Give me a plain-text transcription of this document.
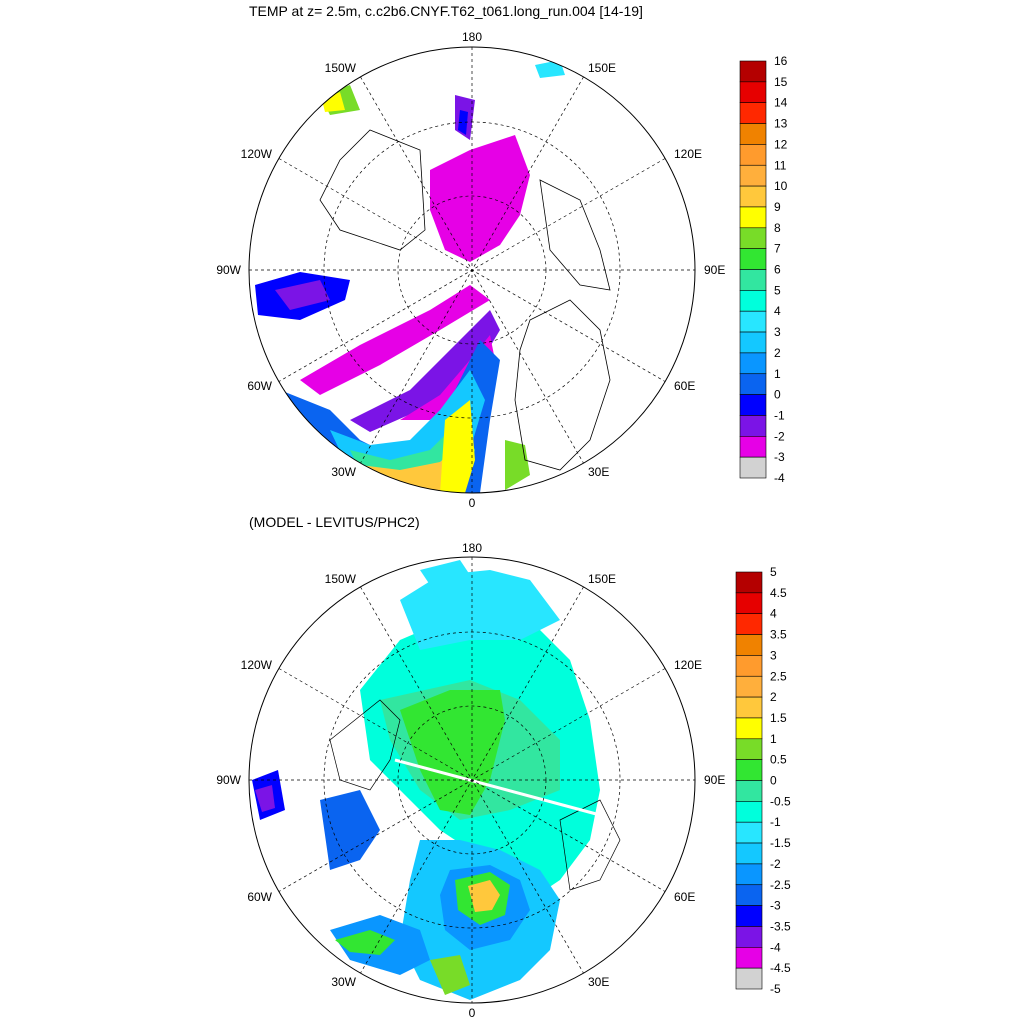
TEMP at z= 2.5m, c.c2b6.CNYF.T62_t061.long_run.004 [14-19]
180
0
90W	90E
150W	150E
120W	120E
60W	60E
30W	30E
16
15
14
13
12
11
10
9
8
7
6
5
4
3
2
1
0
-1
-2
-3
-4
(MODEL - LEVITUS/PHC2)
180
0
90W	90E
150W	150E
120W	120E
60W	60E
30W	30E
5
4.5
4
3.5
3
2.5
2
1.5
1
0.5
0
-0.5
-1
-1.5
-2
-2.5
-3
-3.5
-4
-4.5
-5
